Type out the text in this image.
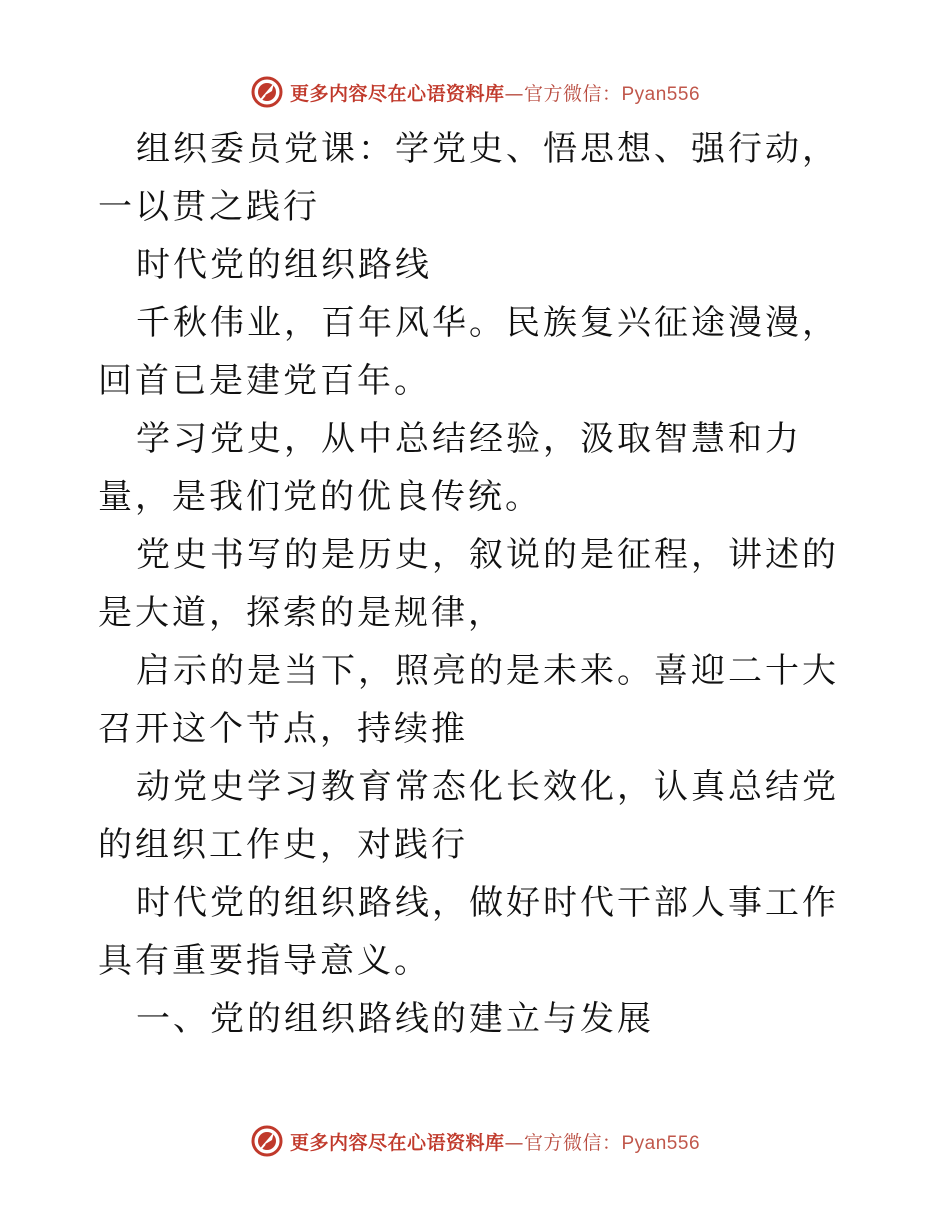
更多内容尽在心语资料库—官方微信：Pyan556

组织委员党课：学党史、悟思想、强行动，一以贯之践行

时代党的组织路线

千秋伟业，百年风华。民族复兴征途漫漫，回首已是建党百年。

学习党史，从中总结经验，汲取智慧和力量，是我们党的优良传统。

党史书写的是历史，叙说的是征程，讲述的是大道，探索的是规律，

启示的是当下，照亮的是未来。喜迎二十大召开这个节点，持续推

动党史学习教育常态化长效化，认真总结党的组织工作史，对践行

时代党的组织路线，做好时代干部人事工作具有重要指导意义。

一、党的组织路线的建立与发展

更多内容尽在心语资料库—官方微信：Pyan556
